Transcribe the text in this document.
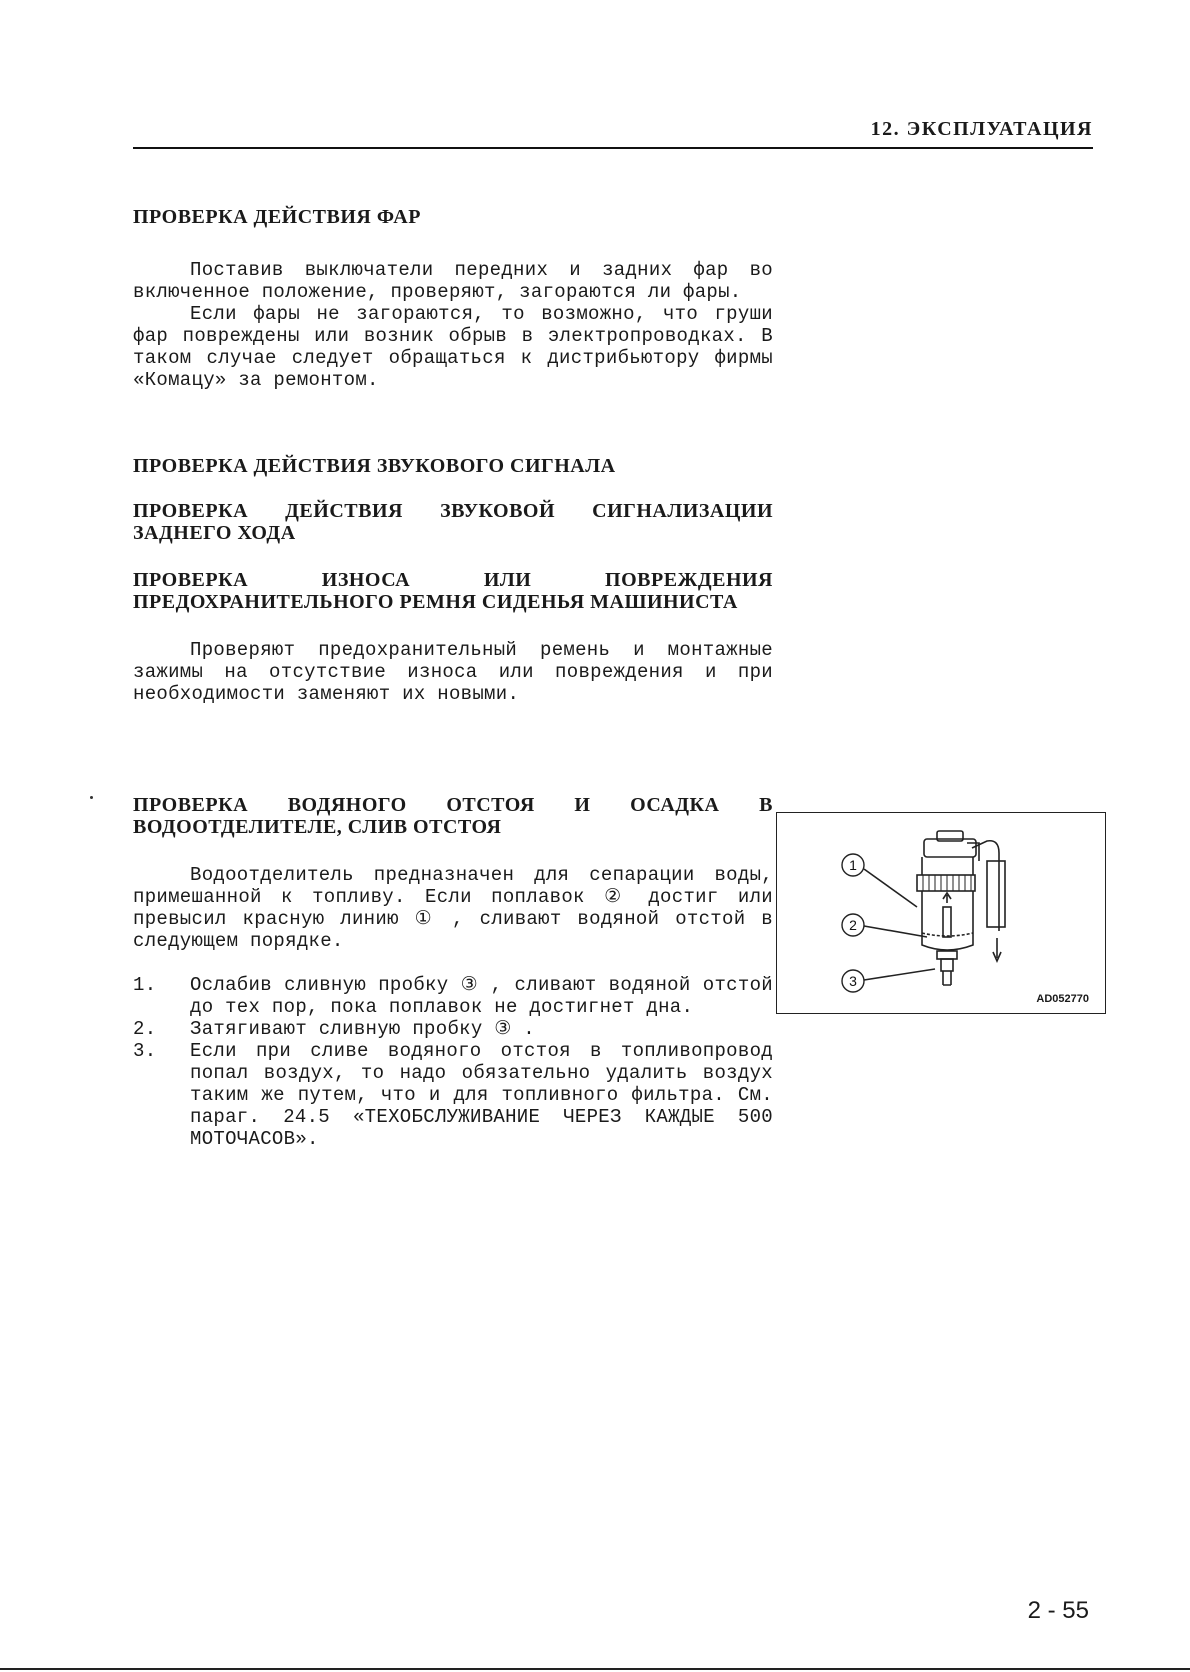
12. ЭКСПЛУАТАЦИЯ
ПРОВЕРКА ДЕЙСТВИЯ ФАР

Поставив выключатели передних и задних фар во включенное положение, проверяют, загораются ли фары.

Если фары не загораются, то возможно, что груши фар повреждены или возник обрыв в электропроводках. В таком случае следует обращаться к дистрибьютору фирмы «Комацу» за ремонтом.

ПРОВЕРКА ДЕЙСТВИЯ ЗВУКОВОГО СИГНАЛА
ПРОВЕРКА ДЕЙСТВИЯ ЗВУКОВОЙ СИГНАЛИЗАЦИИ ЗАДНЕГО ХОДА
ПРОВЕРКА ИЗНОСА ИЛИ ПОВРЕЖДЕНИЯ ПРЕДОХРАНИТЕЛЬНОГО РЕМНЯ СИДЕНЬЯ МАШИНИСТА

Проверяют предохранительный ремень и монтажные зажимы на отсутствие износа или повреждения и при необходимости заменяют их новыми.

ПРОВЕРКА ВОДЯНОГО ОТСТОЯ И ОСАДКА В ВОДООТДЕЛИТЕЛЕ, СЛИВ ОТСТОЯ

Водоотделитель предназначен для сепарации воды, примешанной к топливу. Если поплавок ② достиг или превысил красную линию ① , сливают водяной отстой в следующем порядке.

1.	Ослабив сливную пробку ③ , сливают водяной отстой до тех пор, пока поплавок не достигнет дна.
2.	Затягивают сливную пробку ③ .
3.	Если при сливе водяного отстоя в топливопровод попал воздух, то надо обязательно удалить воздух таким же путем, что и для топливного фильтра. См. параг. 24.5 «ТЕХОБСЛУЖИВАНИЕ ЧЕРЕЗ КАЖДЫЕ 500 МОТОЧАСОВ».
1
2
3
AD052770
2 - 55
